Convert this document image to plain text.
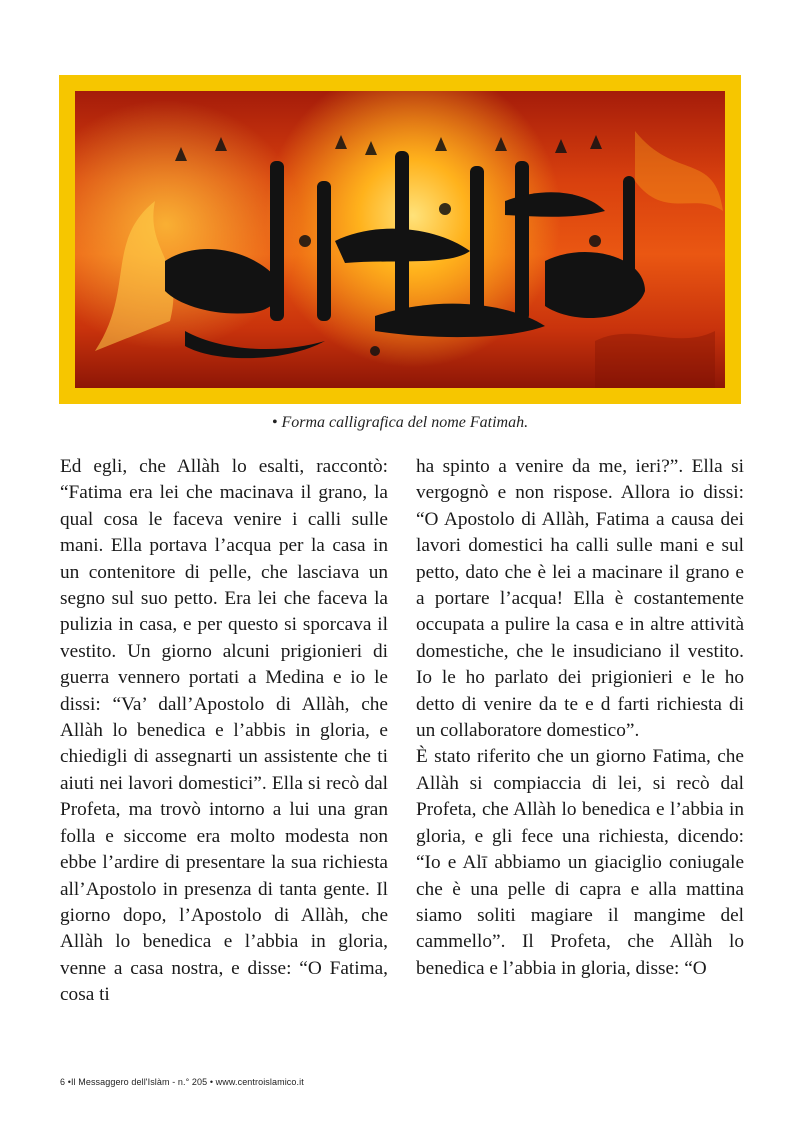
• Forma calligrafica del nome Fatimah.

Ed egli, che Allàh lo esalti, raccontò: “Fatima era lei che macinava il grano, la qual cosa le faceva venire i calli sulle mani. Ella portava l’acqua per la casa in un contenitore di pelle, che lasciava un segno sul suo petto. Era lei che faceva la pulizia in casa, e per questo si sporcava il vestito. Un giorno alcuni prigionieri di guerra vennero portati a Medina e io le dissi: “Va’ dall’Apostolo di Allàh, che Allàh lo benedica e l’abbis in gloria, e chiedigli di assegnarti un assistente che ti aiuti nei lavori domestici”. Ella si recò dal Profeta, ma trovò intorno a lui una gran folla e siccome era molto modesta non ebbe l’ardire di presentare la sua richiesta all’Apostolo in presenza di tanta gente. Il giorno dopo, l’Apostolo di Allàh, che Allàh lo benedica e l’abbia in gloria, venne a casa nostra, e disse: “O Fatima, cosa ti

ha spinto a venire da me, ieri?”. Ella si vergognò e non rispose. Allora io dissi: “O Apostolo di Allàh, Fatima a causa dei lavori domestici ha calli sulle mani e sul petto, dato che è lei a macinare il grano e a portare l’acqua! Ella è costantemente occupata a pulire la casa e in altre attività domestiche, che le insudiciano il vestito. Io le ho parlato dei prigionieri e le ho detto di venire da te e d farti richiesta di un collaboratore domestico”.

È stato riferito che un giorno Fatima, che Allàh si compiaccia di lei, si recò dal Profeta, che Allàh lo benedica e l’abbia in gloria, e gli fece una richiesta, dicendo: “Io e Alī abbiamo un giaciglio coniugale che è una pelle di capra e alla mattina siamo soliti magiare il mangime del cammello”. Il Profeta, che Allàh lo benedica e l’abbia in gloria, disse: “O

6 •Il Messaggero dell'Islàm - n.° 205 • www.centroislamico.it
